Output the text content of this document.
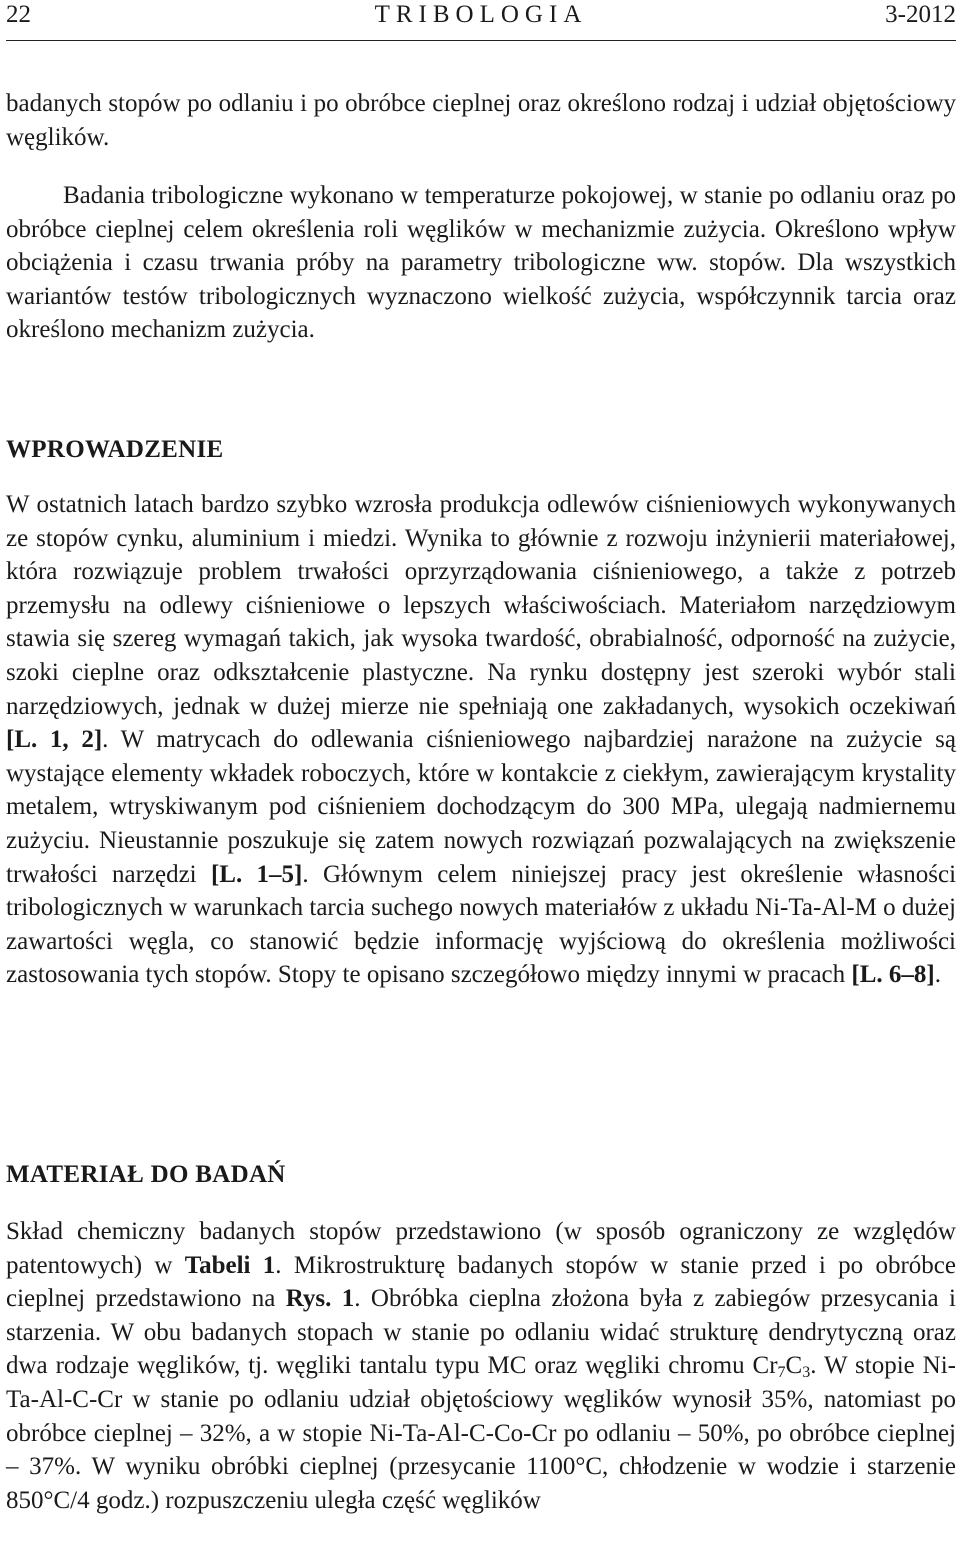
22	TRIBOLOGIA	3-2012

badanych stopów po odlaniu i po obróbce cieplnej oraz określono rodzaj i udział objętościowy węglików.

Badania tribologiczne wykonano w temperaturze pokojowej, w stanie po odlaniu oraz po obróbce cieplnej celem określenia roli węglików w mechanizmie zużycia. Określono wpływ obciążenia i czasu trwania próby na parametry tribologiczne ww. stopów. Dla wszystkich wariantów testów tribologicznych wyznaczono wielkość zużycia, współczynnik tarcia oraz określono mechanizm zużycia.

WPROWADZENIE

W ostatnich latach bardzo szybko wzrosła produkcja odlewów ciśnieniowych wykonywanych ze stopów cynku, aluminium i miedzi. Wynika to głównie z rozwoju inżynierii materiałowej, która rozwiązuje problem trwałości oprzyrządowania ciśnieniowego, a także z potrzeb przemysłu na odlewy ciśnieniowe o lepszych właściwościach. Materiałom narzędziowym stawia się szereg wymagań takich, jak wysoka twardość, obrabialność, odporność na zużycie, szoki cieplne oraz odkształcenie plastyczne. Na rynku dostępny jest szeroki wybór stali narzędziowych, jednak w dużej mierze nie spełniają one zakładanych, wysokich oczekiwań [L. 1, 2]. W matrycach do odlewania ciśnieniowego najbardziej narażone na zużycie są wystające elementy wkładek roboczych, które w kontakcie z ciekłym, zawierającym krystality metalem, wtryskiwanym pod ciśnieniem dochodzącym do 300 MPa, ulegają nadmiernemu zużyciu. Nieustannie poszukuje się zatem nowych rozwiązań pozwalających na zwiększenie trwałości narzędzi [L. 1–5]. Głównym celem niniejszej pracy jest określenie własności tribologicznych w warunkach tarcia suchego nowych materiałów z układu Ni-Ta-Al-M o dużej zawartości węgla, co stanowić będzie informację wyjściową do określenia możliwości zastosowania tych stopów. Stopy te opisano szczegółowo między innymi w pracach [L. 6–8].

MATERIAŁ DO BADAŃ

Skład chemiczny badanych stopów przedstawiono (w sposób ograniczony ze względów patentowych) w Tabeli 1. Mikrostrukturę badanych stopów w stanie przed i po obróbce cieplnej przedstawiono na Rys. 1. Obróbka cieplna złożona była z zabiegów przesycania i starzenia. W obu badanych stopach w stanie po odlaniu widać strukturę dendrytyczną oraz dwa rodzaje węglików, tj. węgliki tantalu typu MC oraz węgliki chromu $Cr_7C_3$. W stopie Ni-Ta-Al-C-Cr w stanie po odlaniu udział objętościowy węglików wynosił 35%, natomiast po obróbce cieplnej – 32%, a w stopie Ni-Ta-Al-C-Co-Cr po odlaniu – 50%, po obróbce cieplnej – 37%. W wyniku obróbki cieplnej (przesycanie 1100°C, chłodzenie w wodzie i starzenie 850°C/4 godz.) rozpuszczeniu uległa część węglików
